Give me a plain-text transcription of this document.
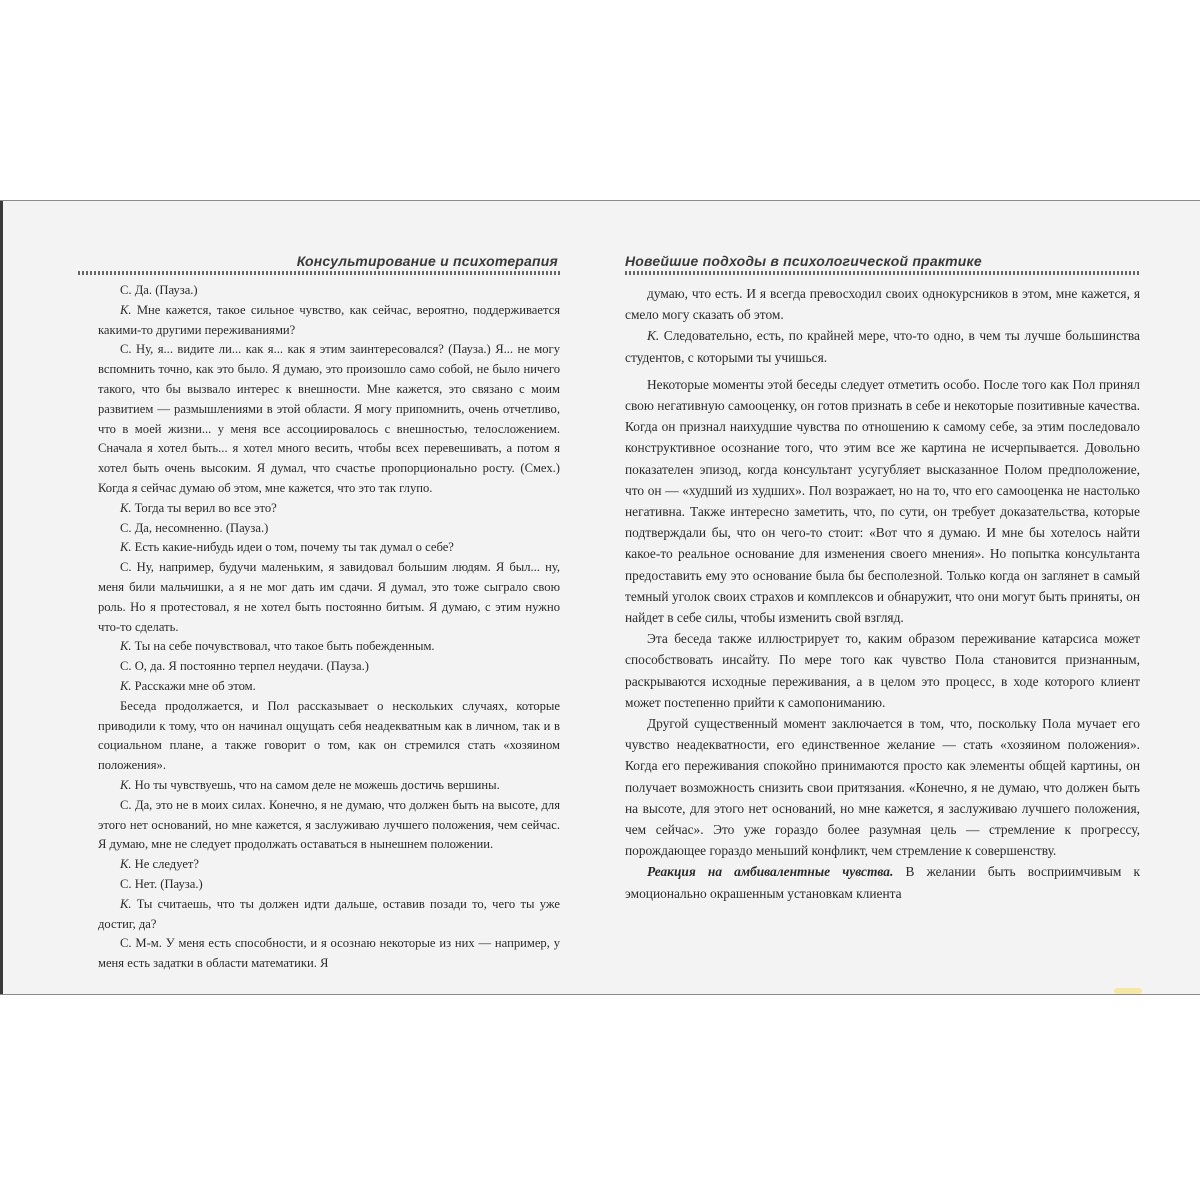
Консультирование и психотерапия

С. Да. (Пауза.)

К. Мне кажется, такое сильное чувство, как сейчас, вероятно, поддерживается какими-то другими переживаниями?

С. Ну, я... видите ли... как я... как я этим заинтересовался? (Пауза.) Я... не могу вспомнить точно, как это было. Я думаю, это произошло само собой, не было ничего такого, что бы вызвало интерес к внешности. Мне кажется, это связано с моим развитием — размышлениями в этой области. Я могу припомнить, очень отчетливо, что в моей жизни... у меня все ассоциировалось с внешностью, телосложением. Сначала я хотел быть... я хотел много весить, чтобы всех перевешивать, а потом я хотел быть очень высоким. Я думал, что счастье пропорционально росту. (Смех.) Когда я сейчас думаю об этом, мне кажется, что это так глупо.

К. Тогда ты верил во все это?

С. Да, несомненно. (Пауза.)

К. Есть какие-нибудь идеи о том, почему ты так думал о себе?

С. Ну, например, будучи маленьким, я завидовал большим людям. Я был... ну, меня били мальчишки, а я не мог дать им сдачи. Я думал, это тоже сыграло свою роль. Но я протестовал, я не хотел быть постоянно битым. Я думаю, с этим нужно что-то сделать.

К. Ты на себе почувствовал, что такое быть побежденным.

С. О, да. Я постоянно терпел неудачи. (Пауза.)

К. Расскажи мне об этом.

Беседа продолжается, и Пол рассказывает о нескольких случаях, которые приводили к тому, что он начинал ощущать себя неадекватным как в личном, так и в социальном плане, а также говорит о том, как он стремился стать «хозяином положения».

К. Но ты чувствуешь, что на самом деле не можешь достичь вершины.

С. Да, это не в моих силах. Конечно, я не думаю, что должен быть на высоте, для этого нет оснований, но мне кажется, я заслуживаю лучшего положения, чем сейчас. Я думаю, мне не следует продолжать оставаться в нынешнем положении.

К. Не следует?

С. Нет. (Пауза.)

К. Ты считаешь, что ты должен идти дальше, оставив позади то, чего ты уже достиг, да?

С. М-м. У меня есть способности, и я осознаю некоторые из них — например, у меня есть задатки в области математики. Я

Новейшие подходы в психологической практике

думаю, что есть. И я всегда превосходил своих однокурсников в этом, мне кажется, я смело могу сказать об этом.

К. Следовательно, есть, по крайней мере, что-то одно, в чем ты лучше большинства студентов, с которыми ты учишься.

Некоторые моменты этой беседы следует отметить особо. После того как Пол принял свою негативную самооценку, он готов признать в себе и некоторые позитивные качества. Когда он признал наихудшие чувства по отношению к самому себе, за этим последовало конструктивное осознание того, что этим все же картина не исчерпывается. Довольно показателен эпизод, когда консультант усугубляет высказанное Полом предположение, что он — «худший из худших». Пол возражает, но на то, что его самооценка не настолько негативна. Также интересно заметить, что, по сути, он требует доказательства, которые подтверждали бы, что он чего-то стоит: «Вот что я думаю. И мне бы хотелось найти какое-то реальное основание для изменения своего мнения». Но попытка консультанта предоставить ему это основание была бы бесполезной. Только когда он заглянет в самый темный уголок своих страхов и комплексов и обнаружит, что они могут быть приняты, он найдет в себе силы, чтобы изменить свой взгляд.

Эта беседа также иллюстрирует то, каким образом переживание катарсиса может способствовать инсайту. По мере того как чувство Пола становится признанным, раскрываются исходные переживания, а в целом это процесс, в ходе которого клиент может постепенно прийти к самопониманию.

Другой существенный момент заключается в том, что, поскольку Пола мучает его чувство неадекватности, его единственное желание — стать «хозяином положения». Когда его переживания спокойно принимаются просто как элементы общей картины, он получает возможность снизить свои притязания. «Конечно, я не думаю, что должен быть на высоте, для этого нет оснований, но мне кажется, я заслуживаю лучшего положения, чем сейчас». Это уже гораздо более разумная цель — стремление к прогрессу, порождающее гораздо меньший конфликт, чем стремление к совершенству.

Реакция на амбивалентные чувства. В желании быть восприимчивым к эмоционально окрашенным установкам клиента
